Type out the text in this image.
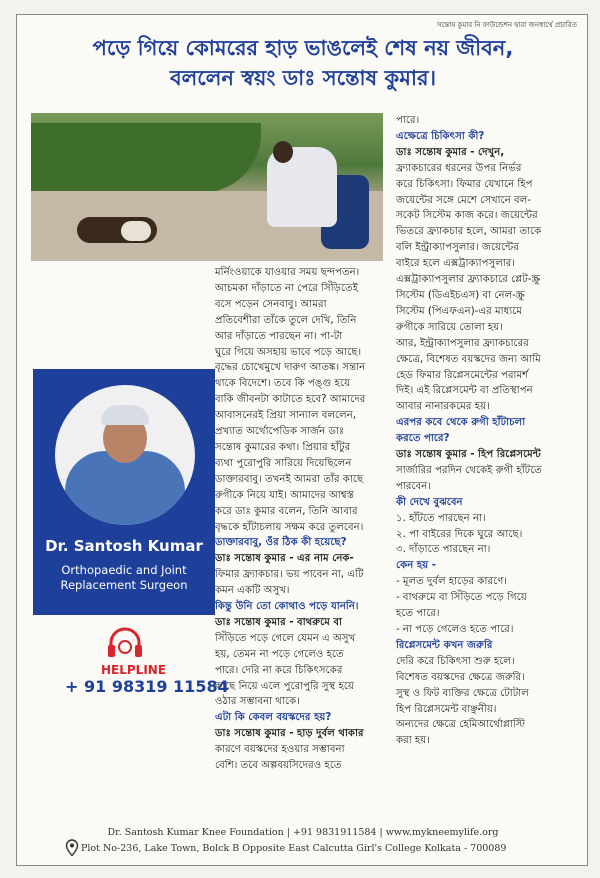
সন্তোষ কুমার নি ফাউন্ডেশন দ্বারা জনস্বার্থে প্রচারিত
পড়ে গিয়ে কোমরের হাড় ভাঙলেই শেষ নয় জীবন,
বললেন স্বয়ং ডাঃ সন্তোষ কুমার।

মর্নিংওয়াকে যাওয়ার সময় ছন্দপতন।

আচমকা দাঁড়াতে না পেরে সিঁড়িতেই

বসে পড়েন সেনবাবু। আমরা

প্রতিবেশীরা তাঁকে তুলে দেখি, তিনি

আর দাঁড়াতে পারছেন না। পা-টা

ঘুরে গিয়ে অসহায় ভাবে পড়ে আছে।

বৃদ্ধের চোখেমুখে দারুণ আতঙ্ক। সন্তান

থাকে বিদেশে। তবে কি পঙ্গু হয়ে

বাকি জীবনটা কাটাতে হবে? আমাদের

আবাসনেরই প্রিয়া সান্যাল বললেন,

প্রখ্যাত অর্থোপেডিক সার্জন ডাঃ

সন্তোষ কুমারের কথা। প্রিয়ার হাঁটুর

ব্যথা পুরোপুরি সারিয়ে দিয়েছিলেন

ডাক্তারবাবু। তখনই আমরা তাঁর কাছে

রুগীকে নিয়ে যাই। আমাদের আশ্বস্ত

করে ডাঃ কুমার বলেন, তিনি আবার

বৃদ্ধকে হাঁটাচলায় সক্ষম করে তুলবেন।

ডাক্তারবাবু, ওঁর ঠিক কী হয়েছে?

ডাঃ সন্তোষ কুমার - এর নাম নেক-

ফিমার ফ্র্যাকচার। ভয় পাবেন না, এটি

কমন একটি অসুখ।

কিন্তু উনি তো কোথাও পড়ে যাননি।

ডাঃ সন্তোষ কুমার - বাথরুমে বা

সিঁড়িতে পড়ে গেলে যেমন এ অসুখ

হয়, তেমন না পড়ে গেলেও হতে

পারে। দেরি না করে চিকিৎসকের

কাছে নিয়ে এলে পুরোপুরি সুস্থ হয়ে

ওঠার সম্ভাবনা থাকে।

এটা কি কেবল বয়স্কদের হয়?

ডাঃ সন্তোষ কুমার - হাড় দুর্বল থাকার

কারণে বয়স্কদের হওয়ার সম্ভাবনা

বেশি। তবে অল্পবয়সিদেরও হতে

পারে।

এক্ষেত্রে চিকিৎসা কী?

ডাঃ সন্তোষ কুমার - দেখুন,

ফ্র্যাকচারের ধরনের উপর নির্ভর

করে চিকিৎসা। ফিমার যেখানে হিপ

জয়েন্টের সঙ্গে মেশে সেখানে বল-

সকেট সিস্টেম কাজ করে। জয়েন্টের

ভিতরে ফ্র্যাকচার হলে, আমরা তাকে

বলি ইন্ট্রাক্যাপসুলার। জয়েন্টের

বাইরে হলে এক্সট্রাক্যাপসুলার।

এক্সট্রাক্যাপসুলার ফ্র্যাকচারে প্লেট-স্ক্রু

সিস্টেম (ডিএইচএস) বা নেল-স্ক্রু

সিস্টেম (পিএফএন)-এর মাধ্যমে

রুগীকে সারিয়ে তোলা হয়।

আর, ইন্ট্রাক্যাপসুলার ফ্র্যাকচারের

ক্ষেত্রে, বিশেষত বয়স্কদের জন্য আমি

হেড ফিমার রিপ্লেসমেন্টের পরামর্শ

দিই। এই রিপ্লেসমেন্ট বা প্রতিস্থাপন

আবার নানারকমের হয়।

এরপর কবে থেকে রুগী হাঁটাচলা

করতে পারে?

ডাঃ সন্তোষ কুমার - হিপ রিপ্লেসমেন্ট

সার্জারির পরদিন থেকেই রুগী হাঁটতে

পারবেন।

কী দেখে বুঝবেন

১. হাঁটতে পারছেন না।

২. পা বাইরের দিকে ঘুরে আছে।

৩. দাঁড়াতে পারছেন না।

কেন হয় -

- মূলত দুর্বল হাড়ের কারণে।

- বাথরুমে বা সিঁড়িতে পড়ে গিয়ে

হতে পারে।

- না পড়ে গেলেও হতে পারে।

রিপ্লেসমেন্ট কখন জরুরি

দেরি করে চিকিৎসা শুরু হলে।

বিশেষত বয়স্কদের ক্ষেত্রে জরুরি।

সুস্থ ও ফিট ব্যক্তির ক্ষেত্রে টোটাল

হিপ রিপ্লেসমেন্ট বাঞ্ছনীয়।

অন্যদের ক্ষেত্রে হেমিআর্থোপ্লাস্টি

করা হয়।

Dr. Santosh Kumar
Orthopaedic and Joint
Replacement Surgeon
HELPLINE
+ 91 98319 11584
Dr. Santosh Kumar Knee Foundation | +91 9831911584 | www.mykneemylife.org
Plot No-236, Lake Town, Bolck B Opposite East Calcutta Girl's College Kolkata - 700089
